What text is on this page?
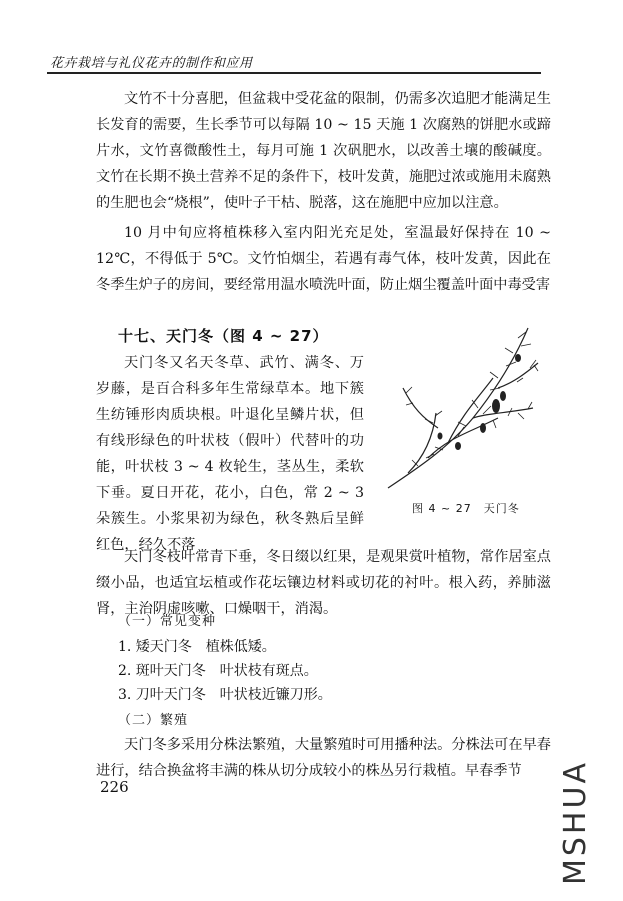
花卉栽培与礼仪花卉的制作和应用

文竹不十分喜肥，但盆栽中受花盆的限制，仍需多次追肥才能满足生长发育的需要，生长季节可以每隔 10 ~ 15 天施 1 次腐熟的饼肥水或蹄片水，文竹喜微酸性土，每月可施 1 次矾肥水，以改善土壤的酸碱度。文竹在长期不换土营养不足的条件下，枝叶发黄，施肥过浓或施用未腐熟的生肥也会“烧根”，使叶子干枯、脱落，这在施肥中应加以注意。

10 月中旬应将植株移入室内阳光充足处，室温最好保持在 10 ~ 12℃，不得低于 5℃。文竹怕烟尘，若遇有毒气体，枝叶发黄，因此在冬季生炉子的房间，要经常用温水喷洗叶面，防止烟尘覆盖叶面中毒受害

十七、天门冬（图 4 ~ 27）

天门冬又名天冬草、武竹、满冬、万岁藤，是百合科多年生常绿草本。地下簇生纺锤形肉质块根。叶退化呈鳞片状，但有线形绿色的叶状枝（假叶）代替叶的功能，叶状枝 3 ~ 4 枚轮生，茎丛生，柔软下垂。夏日开花，花小，白色，常 2 ~ 3 朵簇生。小浆果初为绿色，秋冬熟后呈鲜红色，经久不落

图 4 ~ 27　天门冬

天门冬枝叶常青下垂，冬日缀以红果，是观果赏叶植物，常作居室点缀小品，也适宜坛植或作花坛镶边材料或切花的衬叶。根入药，养肺滋肾，主治阴虚咳嗽、口燥咽干，消渴。

（一）常见变种
1. 矮天门冬　植株低矮。
2. 斑叶天门冬　叶状枝有斑点。
3. 刀叶天门冬　叶状枝近镰刀形。
（二）繁殖

天门冬多采用分株法繁殖，大量繁殖时可用播种法。分株法可在早春进行，结合换盆将丰满的株从切分成较小的株丛另行栽植。早春季节

226	MSHUA
